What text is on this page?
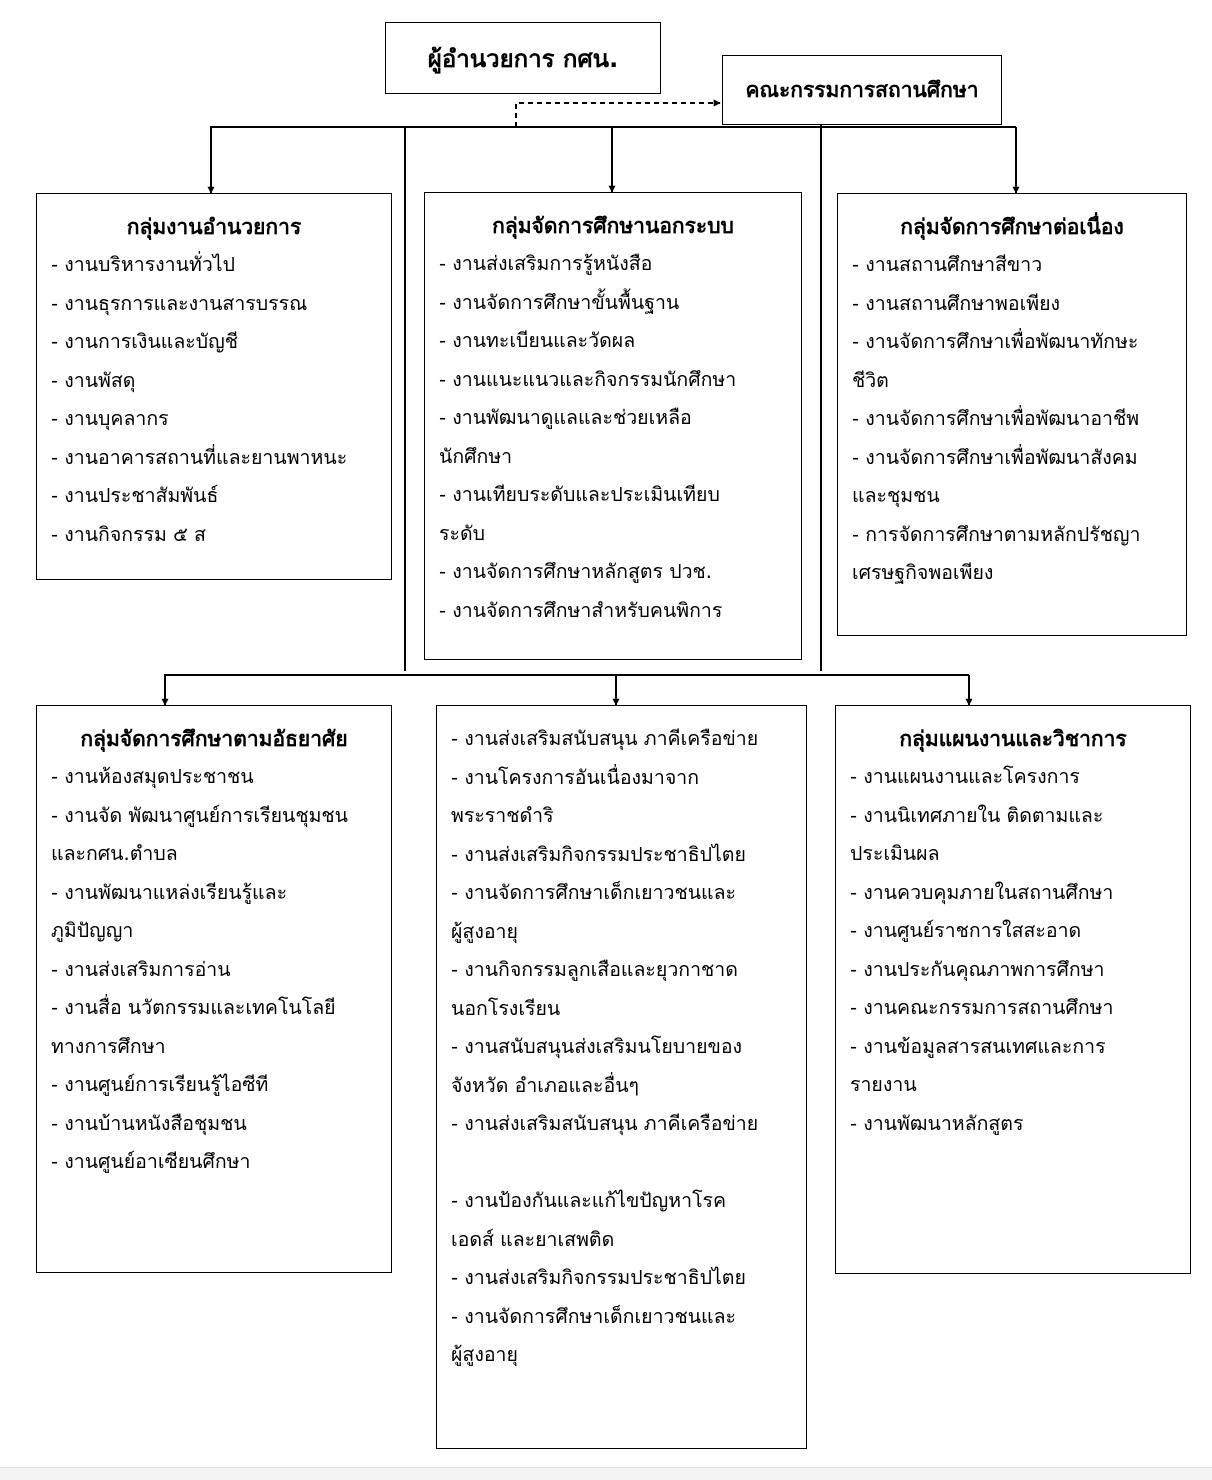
ผู้อำนวยการ กศน.
คณะกรรมการสถานศึกษา
กลุ่มงานอำนวยการ
- งานบริหารงานทั่วไป
- งานธุรการและงานสารบรรณ
- งานการเงินและบัญชี
- งานพัสดุ
- งานบุคลากร
- งานอาคารสถานที่และยานพาหนะ
- งานประชาสัมพันธ์
- งานกิจกรรม ๕ ส
กลุ่มจัดการศึกษานอกระบบ
- งานส่งเสริมการรู้หนังสือ
- งานจัดการศึกษาขั้นพื้นฐาน
- งานทะเบียนและวัดผล
- งานแนะแนวและกิจกรรมนักศึกษา
- งานพัฒนาดูแลและช่วยเหลือ
นักศึกษา
- งานเทียบระดับและประเมินเทียบ
ระดับ
- งานจัดการศึกษาหลักสูตร ปวช.
- งานจัดการศึกษาสำหรับคนพิการ
กลุ่มจัดการศึกษาต่อเนื่อง
- งานสถานศึกษาสีขาว
- งานสถานศึกษาพอเพียง
- งานจัดการศึกษาเพื่อพัฒนาทักษะ
ชีวิต
- งานจัดการศึกษาเพื่อพัฒนาอาชีพ
- งานจัดการศึกษาเพื่อพัฒนาสังคม
และชุมชน
- การจัดการศึกษาตามหลักปรัชญา
เศรษฐกิจพอเพียง
กลุ่มจัดการศึกษาตามอัธยาศัย
- งานห้องสมุดประชาชน
- งานจัด พัฒนาศูนย์การเรียนชุมชน
และกศน.ตำบล
- งานพัฒนาแหล่งเรียนรู้และ
ภูมิปัญญา
- งานส่งเสริมการอ่าน
- งานสื่อ นวัตกรรมและเทคโนโลยี
ทางการศึกษา
- งานศูนย์การเรียนรู้ไอซีที
- งานบ้านหนังสือชุมชน
- งานศูนย์อาเซียนศึกษา
- งานส่งเสริมสนับสนุน ภาคีเครือข่าย
- งานโครงการอันเนื่องมาจาก
พระราชดำริ
- งานส่งเสริมกิจกรรมประชาธิปไตย
- งานจัดการศึกษาเด็กเยาวชนและ
ผู้สูงอายุ
- งานกิจกรรมลูกเสือและยุวกาชาด
นอกโรงเรียน
- งานสนับสนุนส่งเสริมนโยบายของ
จังหวัด อำเภอและอื่นๆ
- งานส่งเสริมสนับสนุน ภาคีเครือข่าย
- งานป้องกันและแก้ไขปัญหาโรค
เอดส์ และยาเสพติด
- งานส่งเสริมกิจกรรมประชาธิปไตย
- งานจัดการศึกษาเด็กเยาวชนและ
ผู้สูงอายุ
กลุ่มแผนงานและวิชาการ
- งานแผนงานและโครงการ
- งานนิเทศภายใน ติดตามและ
ประเมินผล
- งานควบคุมภายในสถานศึกษา
- งานศูนย์ราชการใสสะอาด
- งานประกันคุณภาพการศึกษา
- งานคณะกรรมการสถานศึกษา
- งานข้อมูลสารสนเทศและการ
รายงาน
- งานพัฒนาหลักสูตร
